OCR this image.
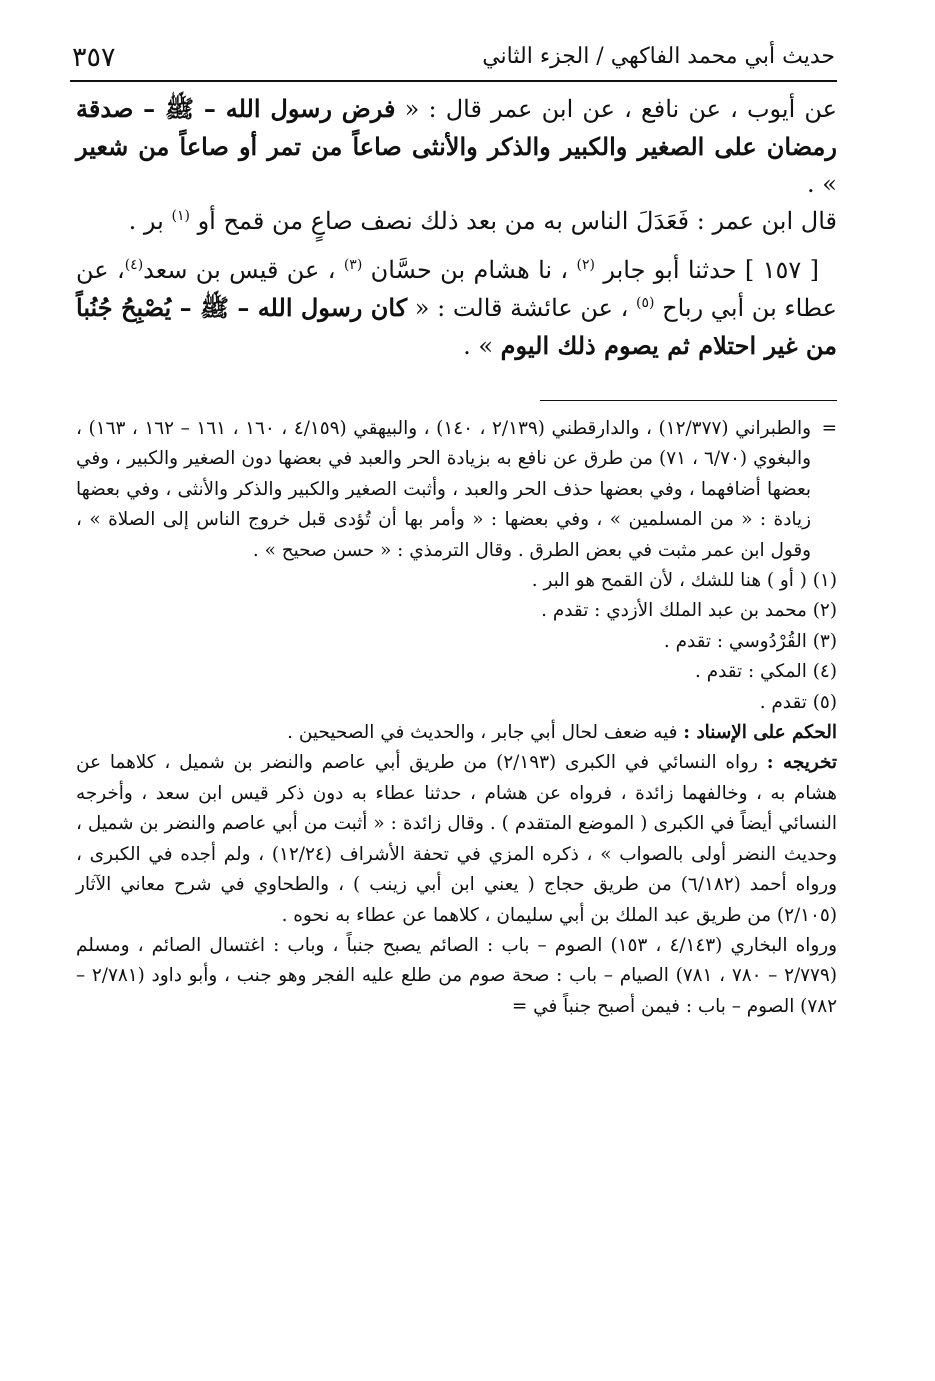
٣٥٧	حديث أبي محمد الفاكهي / الجزء الثاني

عن أيوب ، عن نافع ، عن ابن عمر قال : « فرض رسول الله – ﷺ – صدقة رمضان على الصغير والكبير والذكر والأنثى صاعاً من تمر أو صاعاً من شعير » .
قال ابن عمر : فَعَدَلَ الناس به من بعد ذلك نصف صاعٍ من قمح أو $^{(١)}$ بر .

[ ١٥٧ ] حدثنا أبو جابر $^{(٢)}$ ، نا هشام بن حسَّان $^{(٣)}$ ، عن قيس بن سعد$^{(٤)}$، عن عطاء بن أبي رباح $^{(٥)}$ ، عن عائشة قالت : « كان رسول الله – ﷺ – يُصْبِحُ جُنُباً من غير احتلام ثم يصوم ذلك اليوم » .

=
والطبراني (١٢/٣٧٧) ، والدارقطني (٢/١٣٩ ، ١٤٠) ، والبيهقي (٤/١٥٩ ، ١٦٠ ، ١٦١ – ١٦٢ ، ١٦٣) ، والبغوي (٦/٧٠ ، ٧١) من طرق عن نافع به بزيادة الحر والعبد في بعضها دون الصغير والكبير ، وفي بعضها أضافهما ، وفي بعضها حذف الحر والعبد ، وأثبت الصغير والكبير والذكر والأنثى ، وفي بعضها زيادة : « من المسلمين » ، وفي بعضها : « وأمر بها أن تُؤدى قبل خروج الناس إلى الصلاة » ، وقول ابن عمر مثبت في بعض الطرق . وقال الترمذي : « حسن صحيح » .

(١) ( أو ) هنا للشك ، لأن القمح هو البر .

(٢) محمد بن عبد الملك الأزدي : تقدم .

(٣) القُرْدُوسي : تقدم .

(٤) المكي : تقدم .

(٥) تقدم .

الحكم على الإسناد : فيه ضعف لحال أبي جابر ، والحديث في الصحيحين .

تخريجه : رواه النسائي في الكبرى (٢/١٩٣) من طريق أبي عاصم والنضر بن شميل ، كلاهما عن هشام به ، وخالفهما زائدة ، فرواه عن هشام ، حدثنا عطاء به دون ذكر قيس ابن سعد ، وأخرجه النسائي أيضاً في الكبرى ( الموضع المتقدم ) . وقال زائدة : « أثبت من أبي عاصم والنضر بن شميل ، وحديث النضر أولى بالصواب » ، ذكره المزي في تحفة الأشراف (١٢/٢٤) ، ولم أجده في الكبرى ، ورواه أحمد (٦/١٨٢) من طريق حجاج ( يعني ابن أبي زينب ) ، والطحاوي في شرح معاني الآثار (٢/١٠٥) من طريق عبد الملك بن أبي سليمان ، كلاهما عن عطاء به نحوه .

ورواه البخاري (٤/١٤٣ ، ١٥٣) الصوم – باب : الصائم يصبح جنباً ، وباب : اغتسال الصائم ، ومسلم (٢/٧٧٩ – ٧٨٠ ، ٧٨١) الصيام – باب : صحة صوم من طلع عليه الفجر وهو جنب ، وأبو داود (٢/٧٨١ – ٧٨٢) الصوم – باب : فيمن أصبح جنباً في =
